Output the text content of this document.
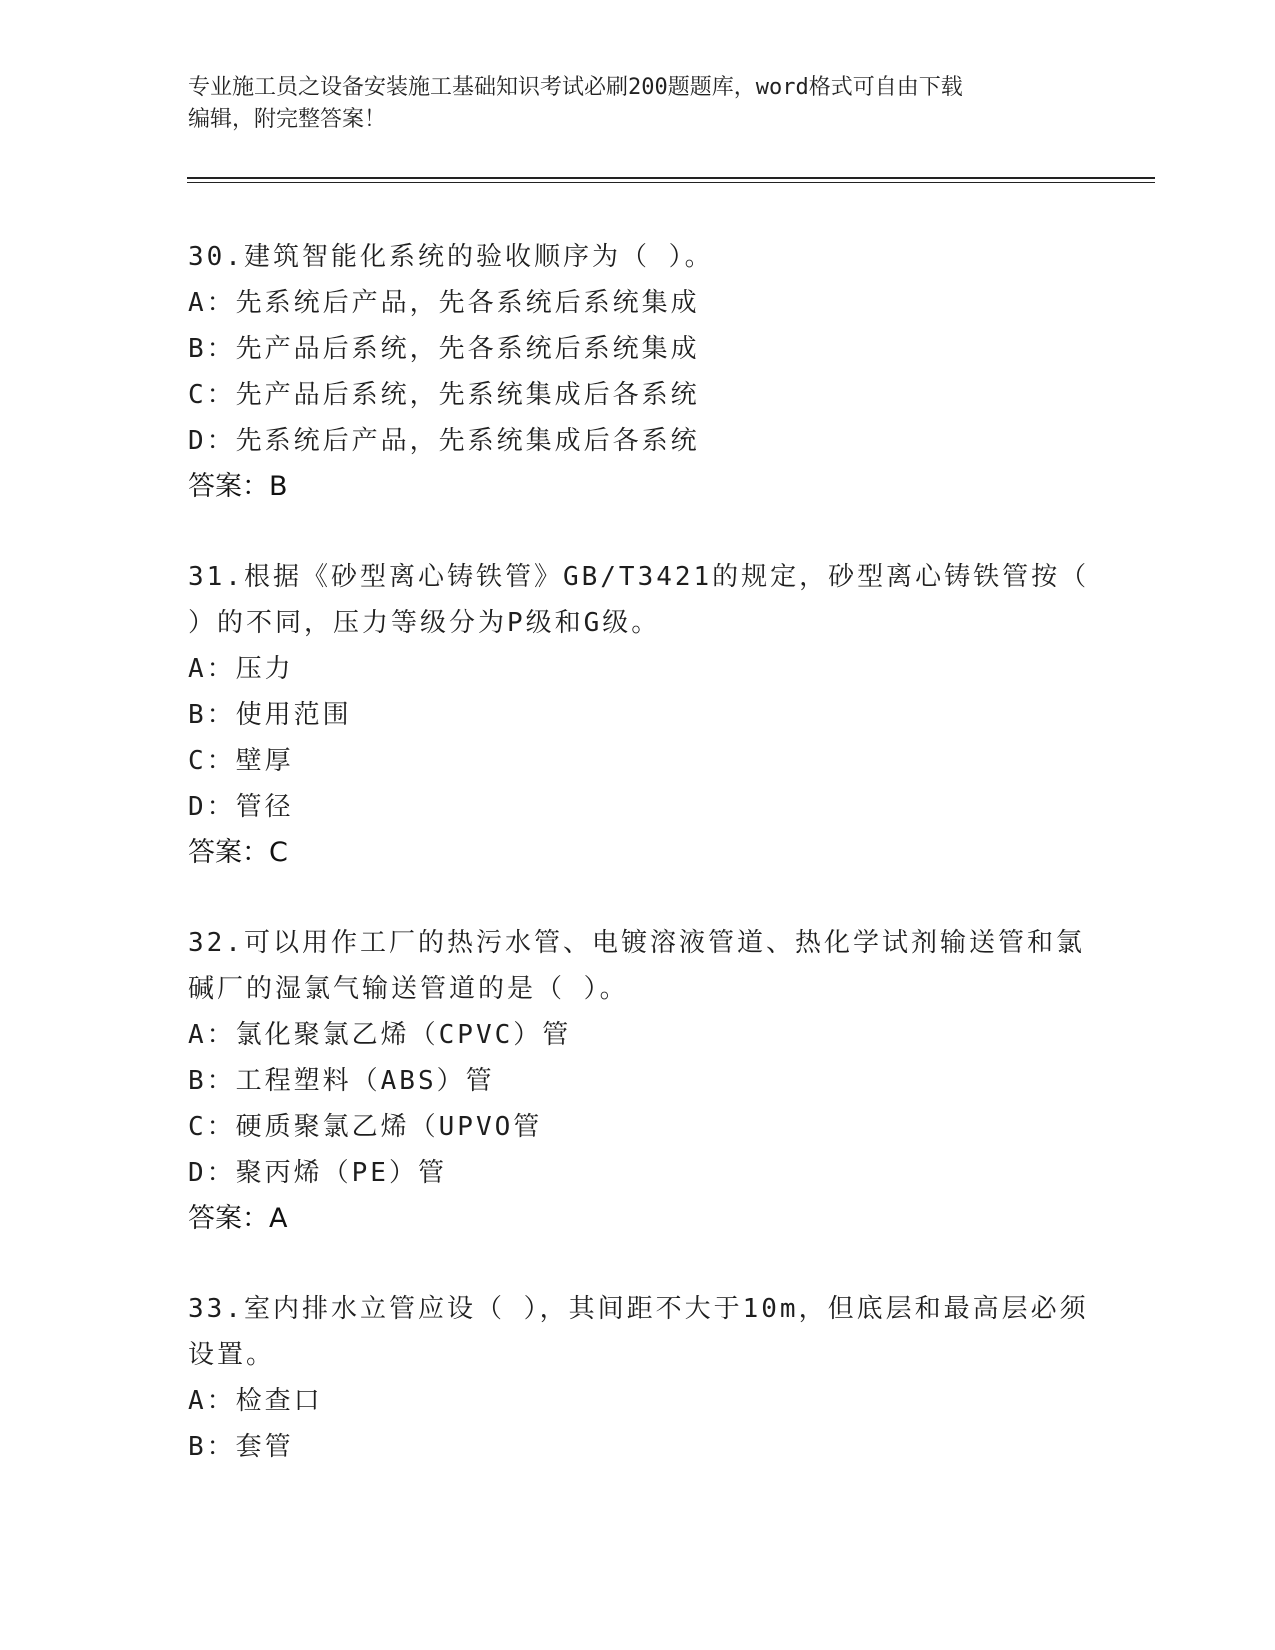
专业施工员之设备安装施工基础知识考试必刷200题题库，word格式可自由下载
编辑，附完整答案！
30.建筑智能化系统的验收顺序为（ ）。
A：先系统后产品，先各系统后系统集成
B：先产品后系统，先各系统后系统集成
C：先产品后系统，先系统集成后各系统
D：先系统后产品，先系统集成后各系统
答案：B
31.根据《砂型离心铸铁管》GB/T3421的规定，砂型离心铸铁管按（
）的不同，压力等级分为P级和G级。
A：压力
B：使用范围
C：壁厚
D：管径
答案：C
32.可以用作工厂的热污水管、电镀溶液管道、热化学试剂输送管和氯
碱厂的湿氯气输送管道的是（ ）。
A：氯化聚氯乙烯（CPVC）管
B：工程塑料（ABS）管
C：硬质聚氯乙烯（UPVO管
D：聚丙烯（PE）管
答案：A
33.室内排水立管应设（ ），其间距不大于10m，但底层和最高层必须
设置。
A：检查口
B：套管
